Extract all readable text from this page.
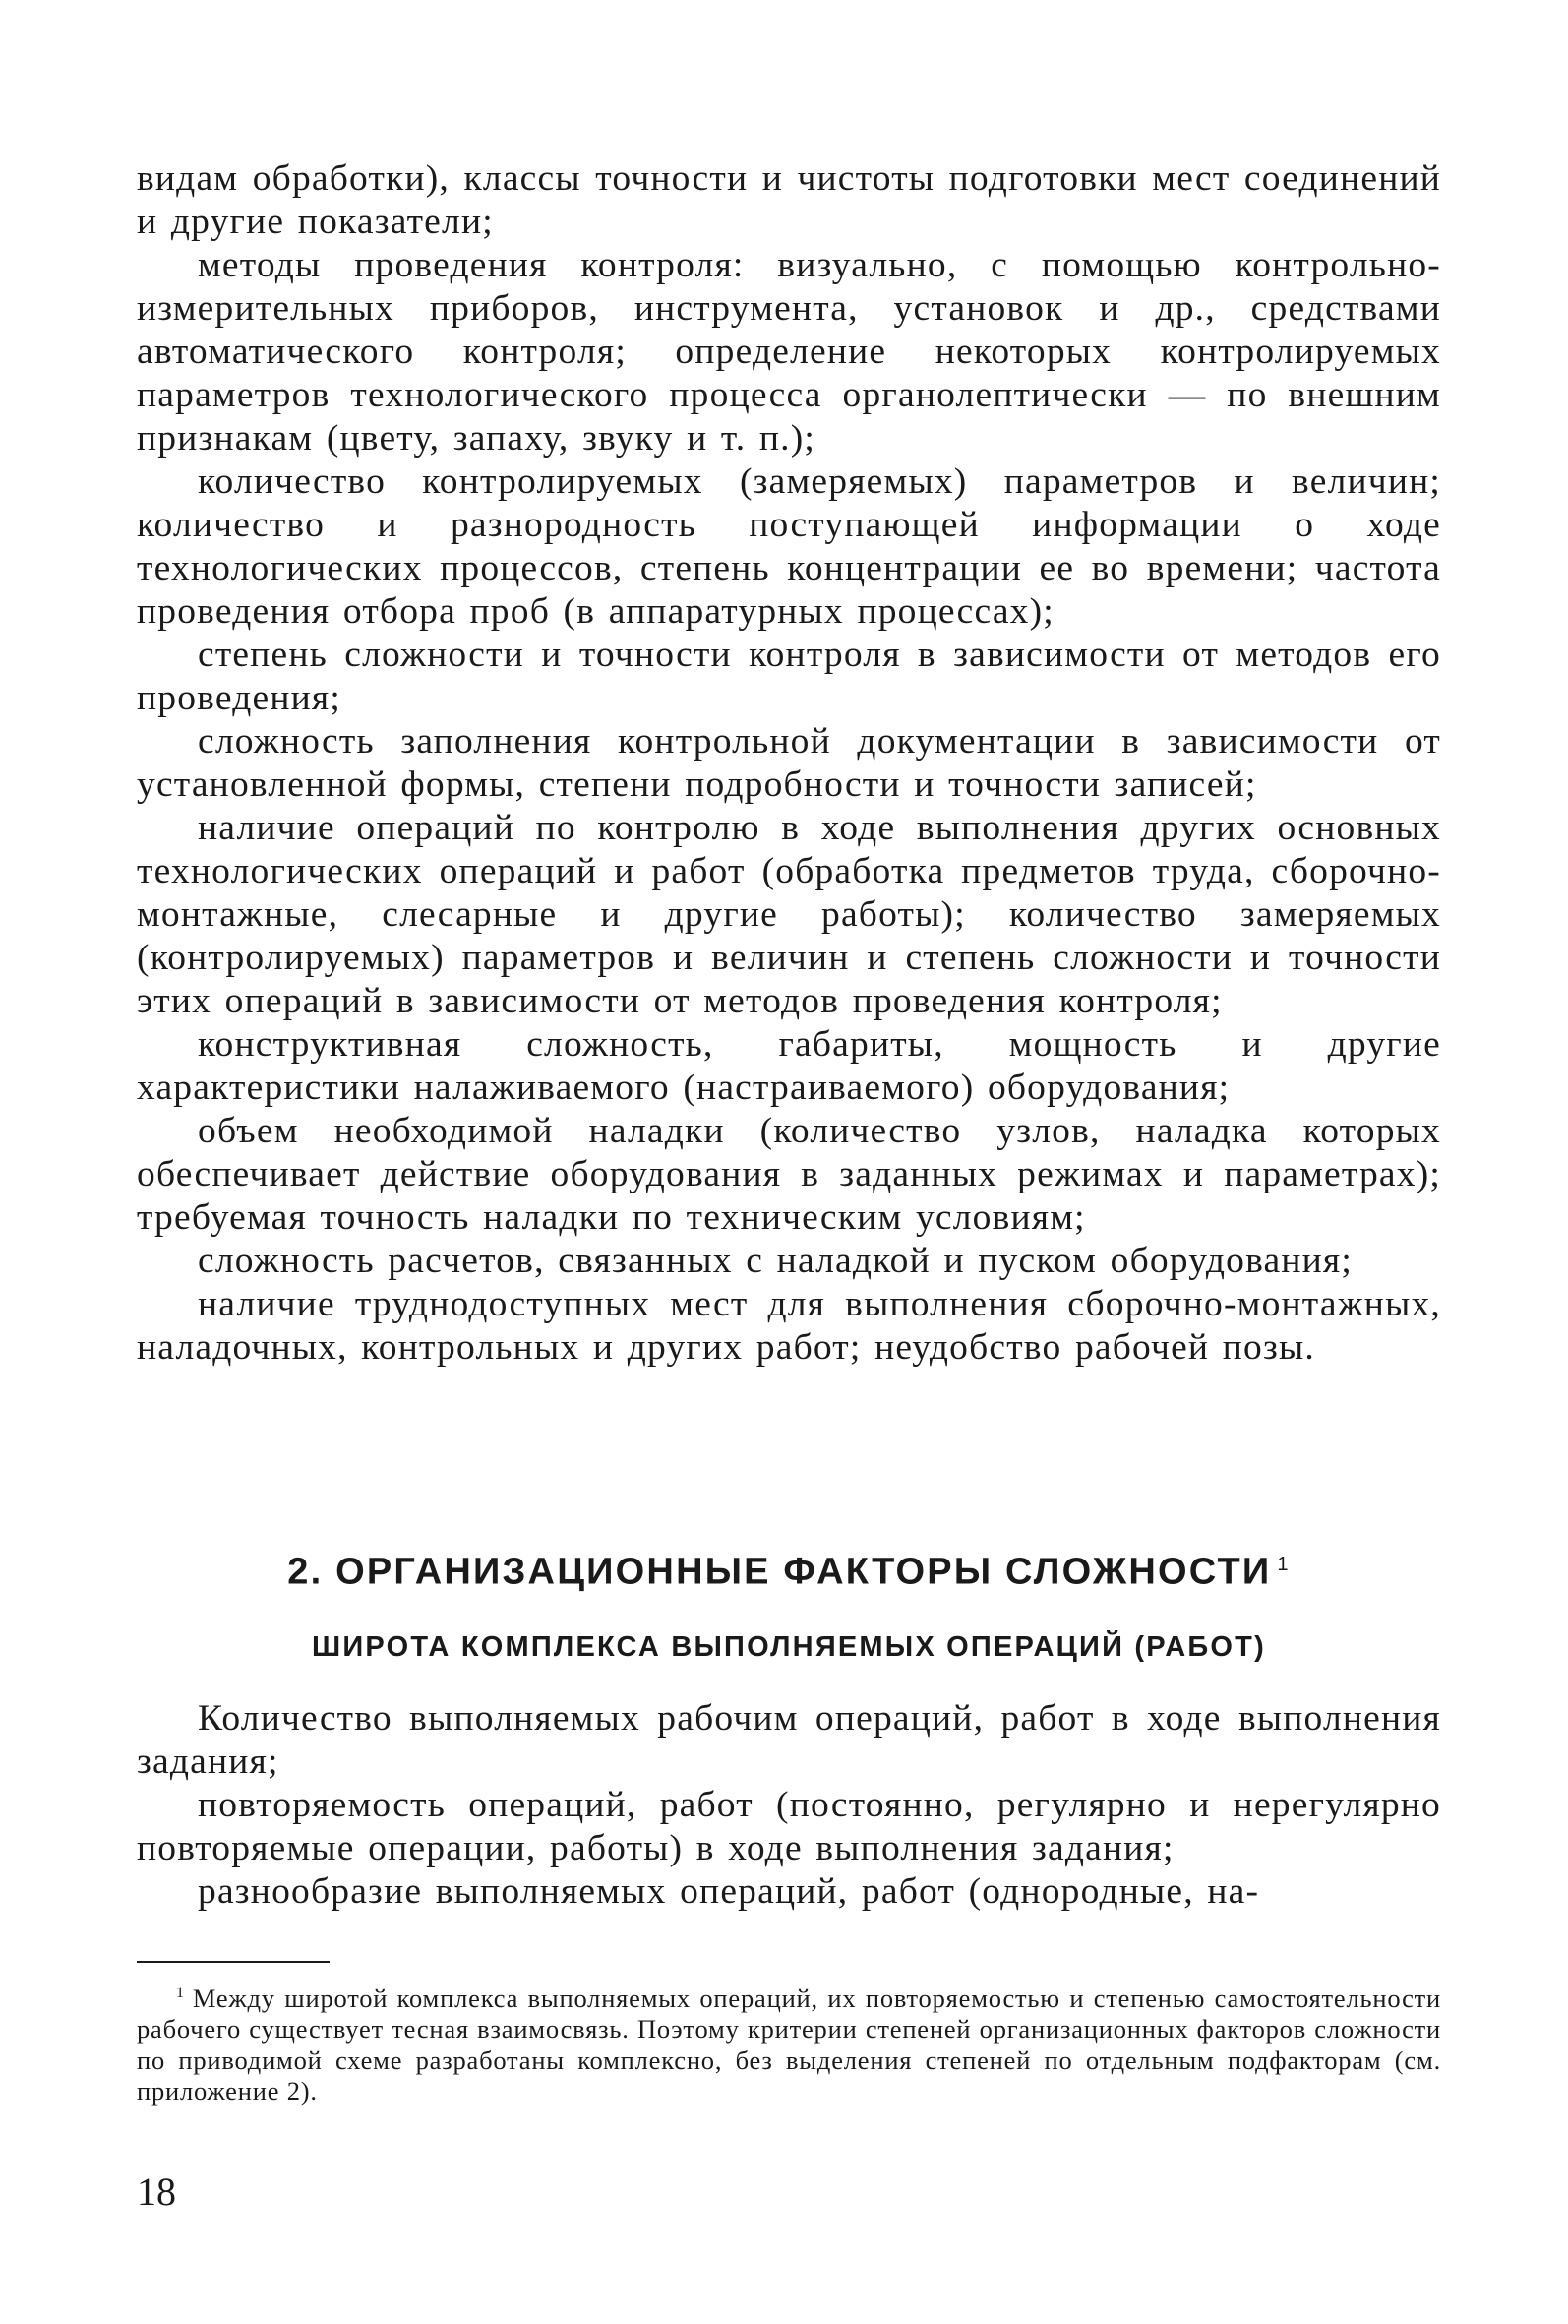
видам обработки), классы точности и чистоты подготовки мест соединений и другие показатели;

методы проведения контроля: визуально, с помощью контрольно-измерительных приборов, инструмента, установок и др., средствами автоматического контроля; определение некоторых контролируемых параметров технологического процесса органолептически — по внешним признакам (цвету, запаху, звуку и т. п.);

количество контролируемых (замеряемых) параметров и величин; количество и разнородность поступающей информации о ходе технологических процессов, степень концентрации ее во времени; частота проведения отбора проб (в аппаратурных процессах);

степень сложности и точности контроля в зависимости от методов его проведения;

сложность заполнения контрольной документации в зависимости от установленной формы, степени подробности и точности записей;

наличие операций по контролю в ходе выполнения других основных технологических операций и работ (обработка предметов труда, сборочно-монтажные, слесарные и другие работы); количество замеряемых (контролируемых) параметров и величин и степень сложности и точности этих операций в зависимости от методов проведения контроля;

конструктивная сложность, габариты, мощность и другие характеристики налаживаемого (настраиваемого) оборудования;

объем необходимой наладки (количество узлов, наладка которых обеспечивает действие оборудования в заданных режимах и параметрах); требуемая точность наладки по техническим условиям;

сложность расчетов, связанных с наладкой и пуском оборудования;

наличие труднодоступных мест для выполнения сборочно-монтажных, наладочных, контрольных и других работ; неудобство рабочей позы.

2. ОРГАНИЗАЦИОННЫЕ ФАКТОРЫ СЛОЖНОСТИ $^1$
ШИРОТА КОМПЛЕКСА ВЫПОЛНЯЕМЫХ ОПЕРАЦИЙ (РАБОТ)

Количество выполняемых рабочим операций, работ в ходе выполнения задания;

повторяемость операций, работ (постоянно, регулярно и нерегулярно повторяемые операции, работы) в ходе выполнения задания;

разнообразие выполняемых операций, работ (однородные, на-

$^1$ Между широтой комплекса выполняемых операций, их повторяемостью и степенью самостоятельности рабочего существует тесная взаимосвязь. Поэтому критерии степеней организационных факторов сложности по приводимой схеме разработаны комплексно, без выделения степеней по отдельным подфакторам (см. приложение 2).

18
